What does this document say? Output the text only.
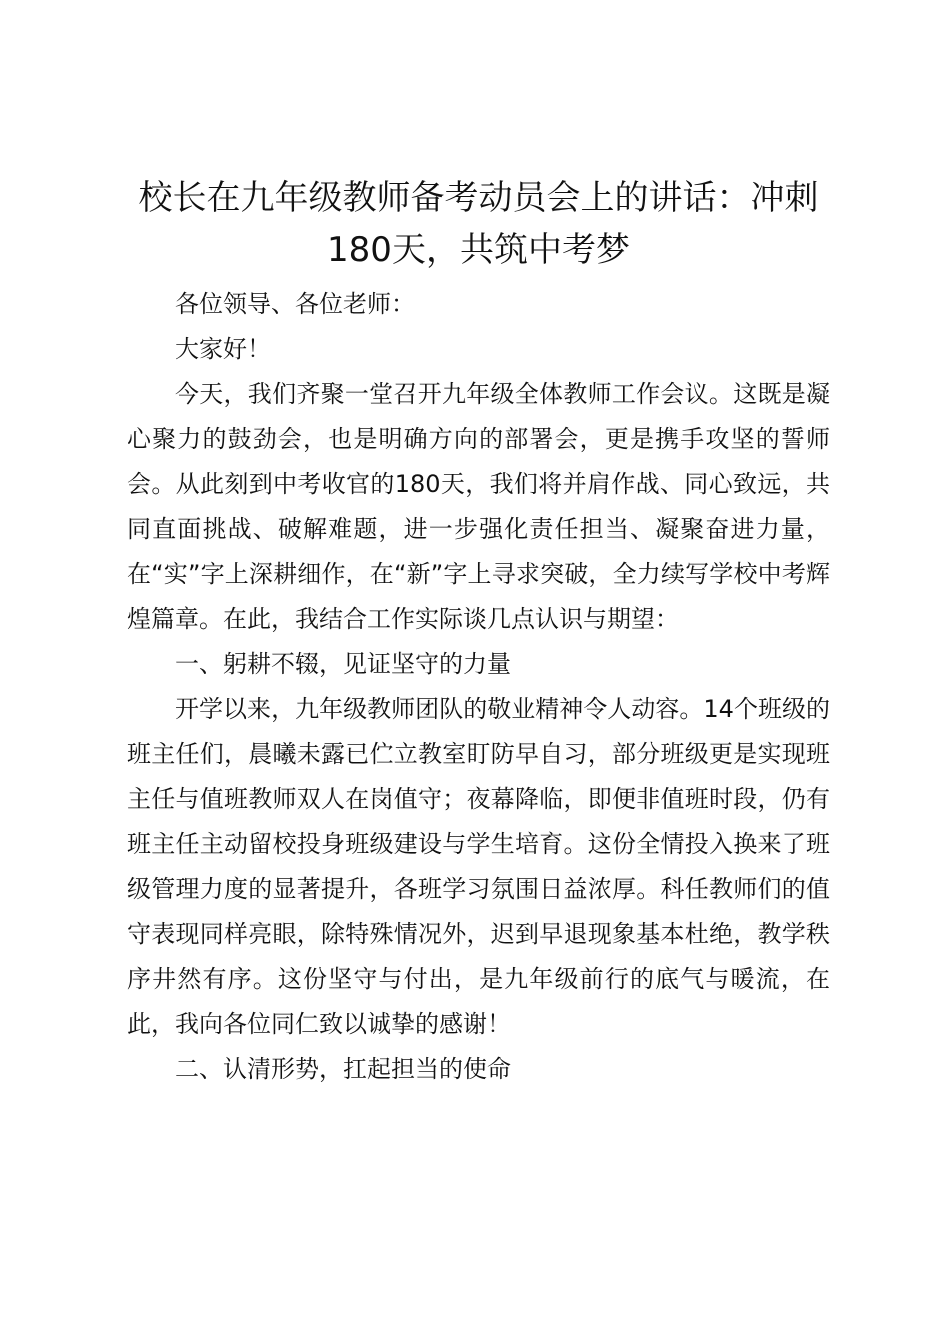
校长在九年级教师备考动员会上的讲话：冲刺180天，共筑中考梦

各位领导、各位老师：

大家好！

今天，我们齐聚一堂召开九年级全体教师工作会议。这既是凝心聚力的鼓劲会，也是明确方向的部署会，更是携手攻坚的誓师会。从此刻到中考收官的180天，我们将并肩作战、同心致远，共同直面挑战、破解难题，进一步强化责任担当、凝聚奋进力量，在“实”字上深耕细作，在“新”字上寻求突破，全力续写学校中考辉煌篇章。在此，我结合工作实际谈几点认识与期望：

一、躬耕不辍，见证坚守的力量

开学以来，九年级教师团队的敬业精神令人动容。14个班级的班主任们，晨曦未露已伫立教室盯防早自习，部分班级更是实现班主任与值班教师双人在岗值守；夜幕降临，即便非值班时段，仍有班主任主动留校投身班级建设与学生培育。这份全情投入换来了班级管理力度的显著提升，各班学习氛围日益浓厚。科任教师们的值守表现同样亮眼，除特殊情况外，迟到早退现象基本杜绝，教学秩序井然有序。这份坚守与付出，是九年级前行的底气与暖流，在此，我向各位同仁致以诚挚的感谢！

二、认清形势，扛起担当的使命
